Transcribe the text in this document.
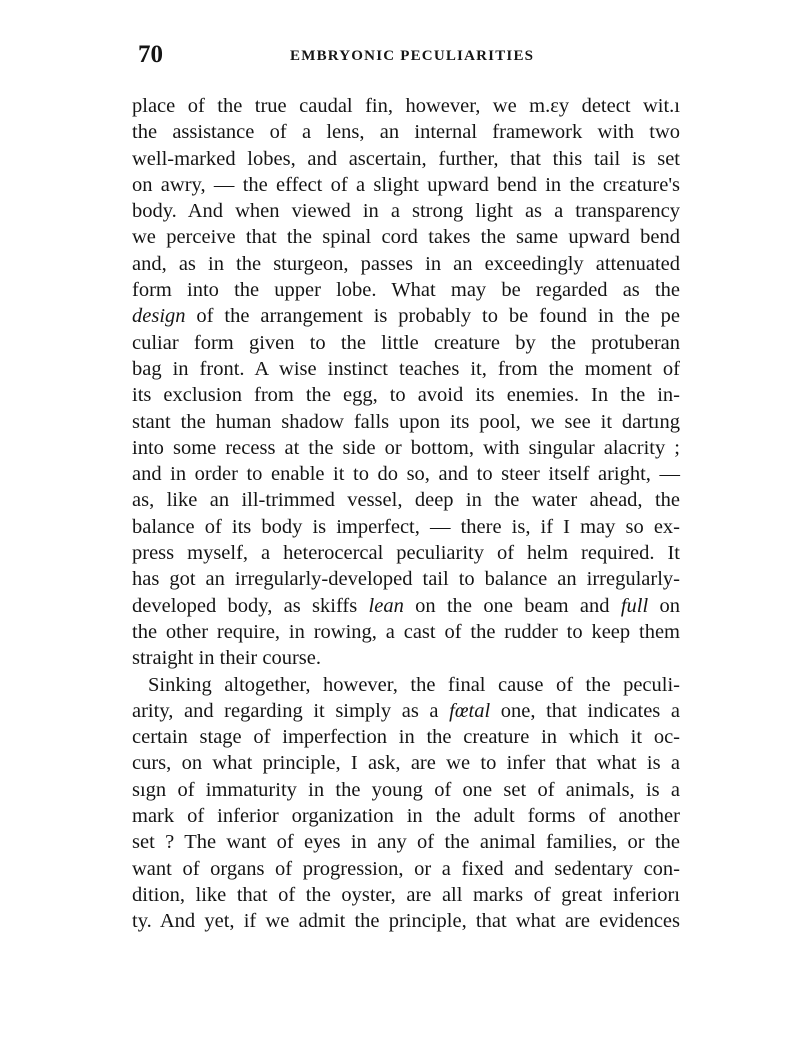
70	EMBRYONIC PECULIARITIES
place of the true caudal fin, however, we m.ɛy detect wit.ı
the assistance of a lens, an internal framework with two
well-marked lobes, and ascertain, further, that this tail is set
on awry, — the effect of a slight upward bend in the crεature's
body. And when viewed in a strong light as a transparency
we perceive that the spinal cord takes the same upward bend
and, as in the sturgeon, passes in an exceedingly attenuated
form into the upper lobe. What may be regarded as the
design of the arrangement is probably to be found in the pe
culiar form given to the little creature by the protuberan
bag in front. A wise instinct teaches it, from the moment of
its exclusion from the egg, to avoid its enemies. In the in-
stant the human shadow falls upon its pool, we see it dartıng
into some recess at the side or bottom, with singular alacrity ;
and in order to enable it to do so, and to steer itself aright, —
as, like an ill-trimmed vessel, deep in the water ahead, the
balance of its body is imperfect, — there is, if I may so ex-
press myself, a heterocercal peculiarity of helm required. It
has got an irregularly-developed tail to balance an irregularly-
developed body, as skiffs lean on the one beam and full on
the other require, in rowing, a cast of the rudder to keep them
straight in their course.
Sinking altogether, however, the final cause of the peculi-
arity, and regarding it simply as a fœtal one, that indicates a
certain stage of imperfection in the creature in which it oc-
curs, on what principle, I ask, are we to infer that what is a
sıgn of immaturity in the young of one set of animals, is a
mark of inferior organization in the adult forms of another
set ? The want of eyes in any of the animal families, or the
want of organs of progression, or a fixed and sedentary con-
dition, like that of the oyster, are all marks of great inferiorı
ty. And yet, if we admit the principle, that what are evidences
